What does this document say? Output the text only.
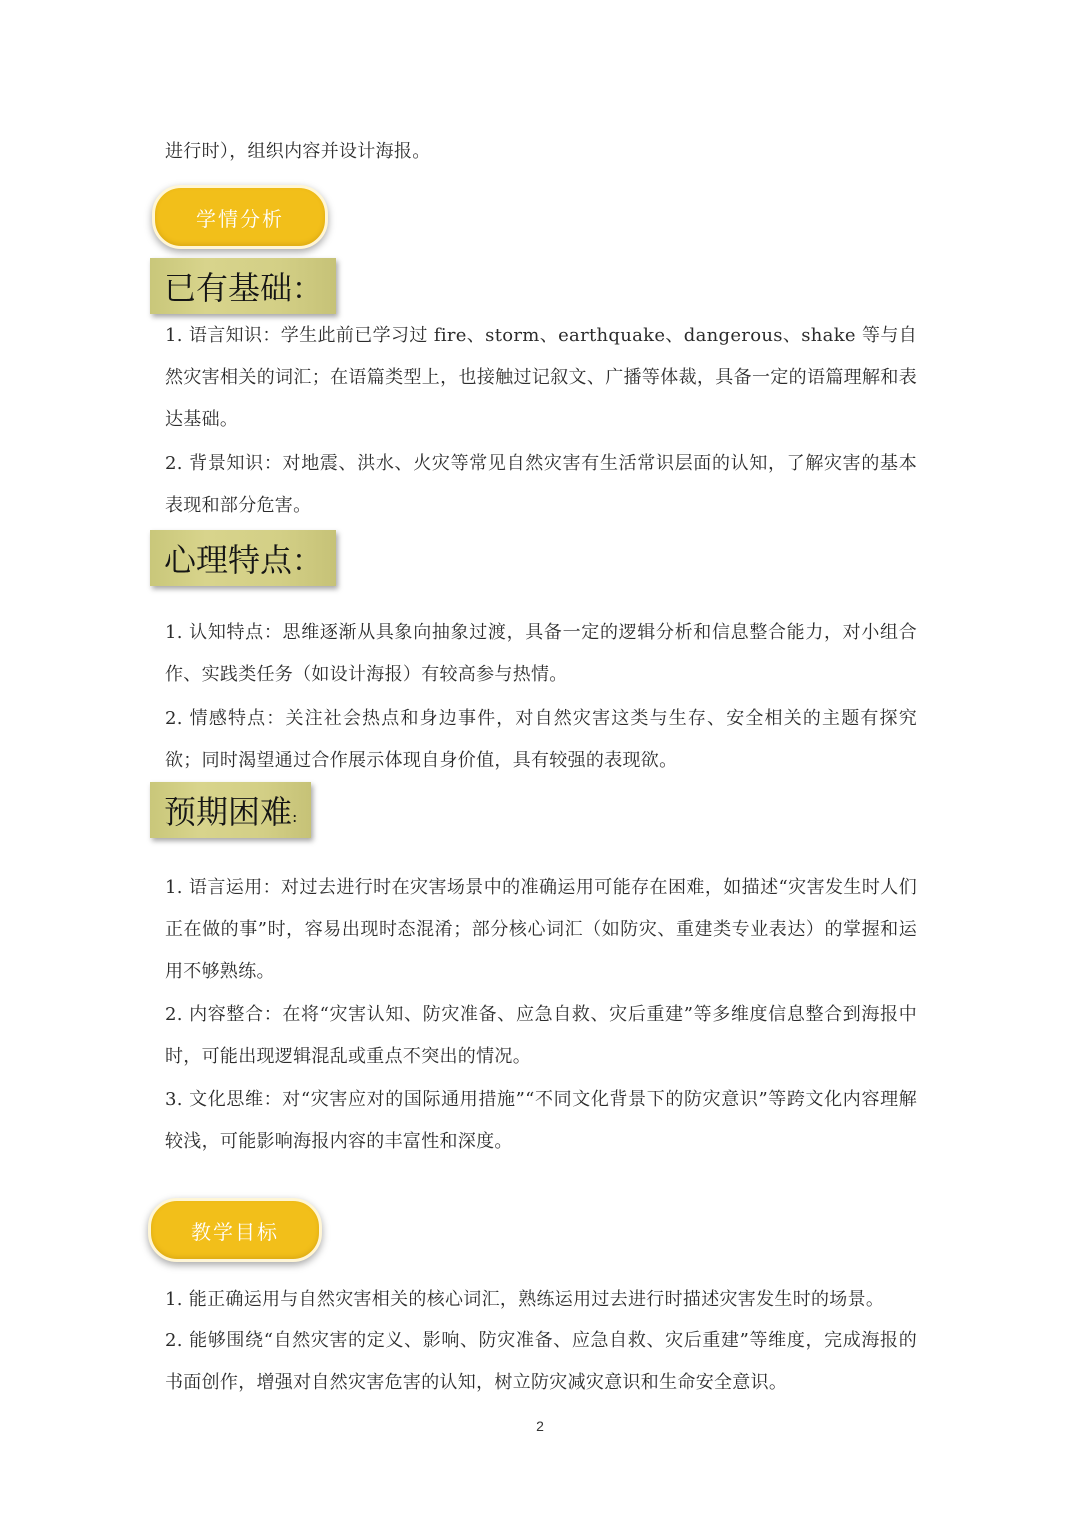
进行时），组织内容并设计海报。

学情分析
已有基础 ：

1. 语言知识：学生此前已学习过 fire、storm、earthquake、dangerous、shake 等与自然灾害相关的词汇；在语篇类型上，也接触过记叙文、广播等体裁，具备一定的语篇理解和表达基础。

2. 背景知识：对地震、洪水、火灾等常见自然灾害有生活常识层面的认知，了解灾害的基本表现和部分危害。

心理特点 ：

1. 认知特点：思维逐渐从具象向抽象过渡，具备一定的逻辑分析和信息整合能力，对小组合作、实践类任务（如设计海报）有较高参与热情。

2. 情感特点：关注社会热点和身边事件，对自然灾害这类与生存、安全相关的主题有探究欲；同时渴望通过合作展示体现自身价值，具有较强的表现欲。

预期困难 :

1. 语言运用：对过去进行时在灾害场景中的准确运用可能存在困难，如描述“灾害发生时人们正在做的事”时，容易出现时态混淆；部分核心词汇（如防灾、重建类专业表达）的掌握和运用不够熟练。

2. 内容整合：在将“灾害认知、防灾准备、应急自救、灾后重建”等多维度信息整合到海报中时，可能出现逻辑混乱或重点不突出的情况。

3. 文化思维：对“灾害应对的国际通用措施”“不同文化背景下的防灾意识”等跨文化内容理解较浅，可能影响海报内容的丰富性和深度。

教学目标

1. 能正确运用与自然灾害相关的核心词汇，熟练运用过去进行时描述灾害发生时的场景。

2. 能够围绕“自然灾害的定义、影响、防灾准备、应急自救、灾后重建”等维度，完成海报的书面创作，增强对自然灾害危害的认知，树立防灾减灾意识和生命安全意识。

2
